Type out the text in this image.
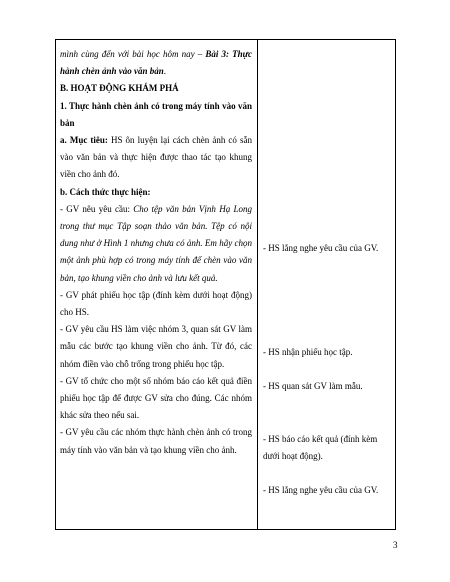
mình cùng đến với bài học hôm nay – Bài 3: Thực hành chèn ảnh vào văn bản.

B. HOẠT ĐỘNG KHÁM PHÁ

1. Thực hành chèn ảnh có trong máy tính vào văn bản

a. Mục tiêu: HS ôn luyện lại cách chèn ảnh có sẵn vào văn bản và thực hiện được thao tác tạo khung viền cho ảnh đó.

b. Cách thức thực hiện:

- GV nêu yêu cầu: Cho tệp văn bản Vịnh Hạ Long trong thư mục Tập soạn thảo văn bản. Tệp có nội dung như ở Hình 1 nhưng chưa có ảnh. Em hãy chọn một ảnh phù hợp có trong máy tính để chèn vào văn bản, tạo khung viền cho ảnh và lưu kết quả.

- GV phát phiếu học tập (đính kèm dưới hoạt động) cho HS.

- GV yêu cầu HS làm việc nhóm 3, quan sát GV làm mẫu các bước tạo khung viền cho ảnh. Từ đó, các nhóm điền vào chỗ trống trong phiếu học tập.

- GV tổ chức cho một số nhóm báo cáo kết quả điền phiếu học tập để được GV sửa cho đúng. Các nhóm khác sửa theo nếu sai.

- GV yêu cầu các nhóm thực hành chèn ảnh có trong máy tính vào văn bản và tạo khung viền cho ảnh.

- HS lắng nghe yêu cầu của GV.
- HS nhận phiếu học tập.
- HS quan sát GV làm mẫu.
- HS báo cáo kết quả (đính kèm
dưới hoạt động).
- HS lắng nghe yêu cầu của GV.
3
